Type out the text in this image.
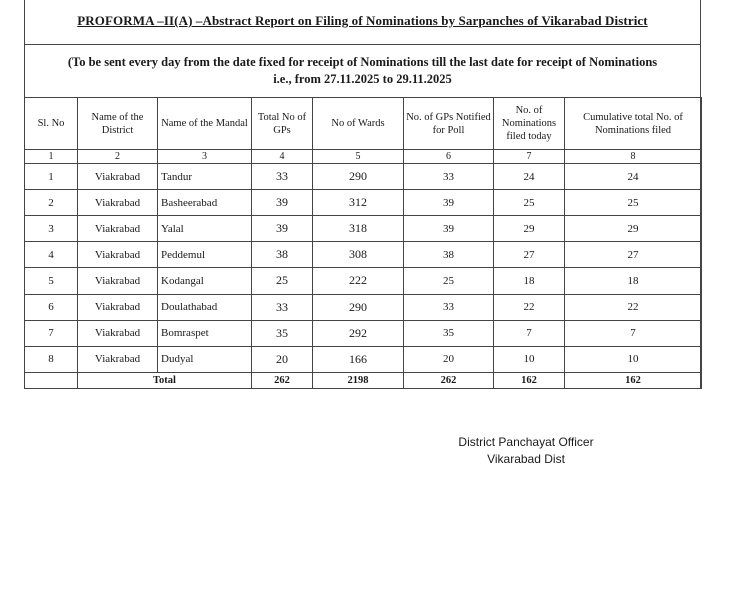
PROFORMA –II(A) –Abstract Report on Filing of Nominations by Sarpanches of Vikarabad District
(To be sent every day from the date fixed for receipt of Nominations till the last date for receipt of Nominations
i.e., from 27.11.2025 to 29.11.2025
Sl. No	Name of the District	Name of the Mandal	Total No of GPs	No of Wards	No. of GPs Notified for Poll	No. of Nominations filed today	Cumulative total No. of Nominations filed
1	2	3	4	5	6	7	8
1	Viakrabad	Tandur	33	290	33	24	24
2	Viakrabad	Basheerabad	39	312	39	25	25
3	Viakrabad	Yalal	39	318	39	29	29
4	Viakrabad	Peddemul	38	308	38	27	27
5	Viakrabad	Kodangal	25	222	25	18	18
6	Viakrabad	Doulathabad	33	290	33	22	22
7	Viakrabad	Bomraspet	35	292	35	7	7
8	Viakrabad	Dudyal	20	166	20	10	10
	Total		262	2198	262	162	162
District Panchayat Officer
Vikarabad Dist
